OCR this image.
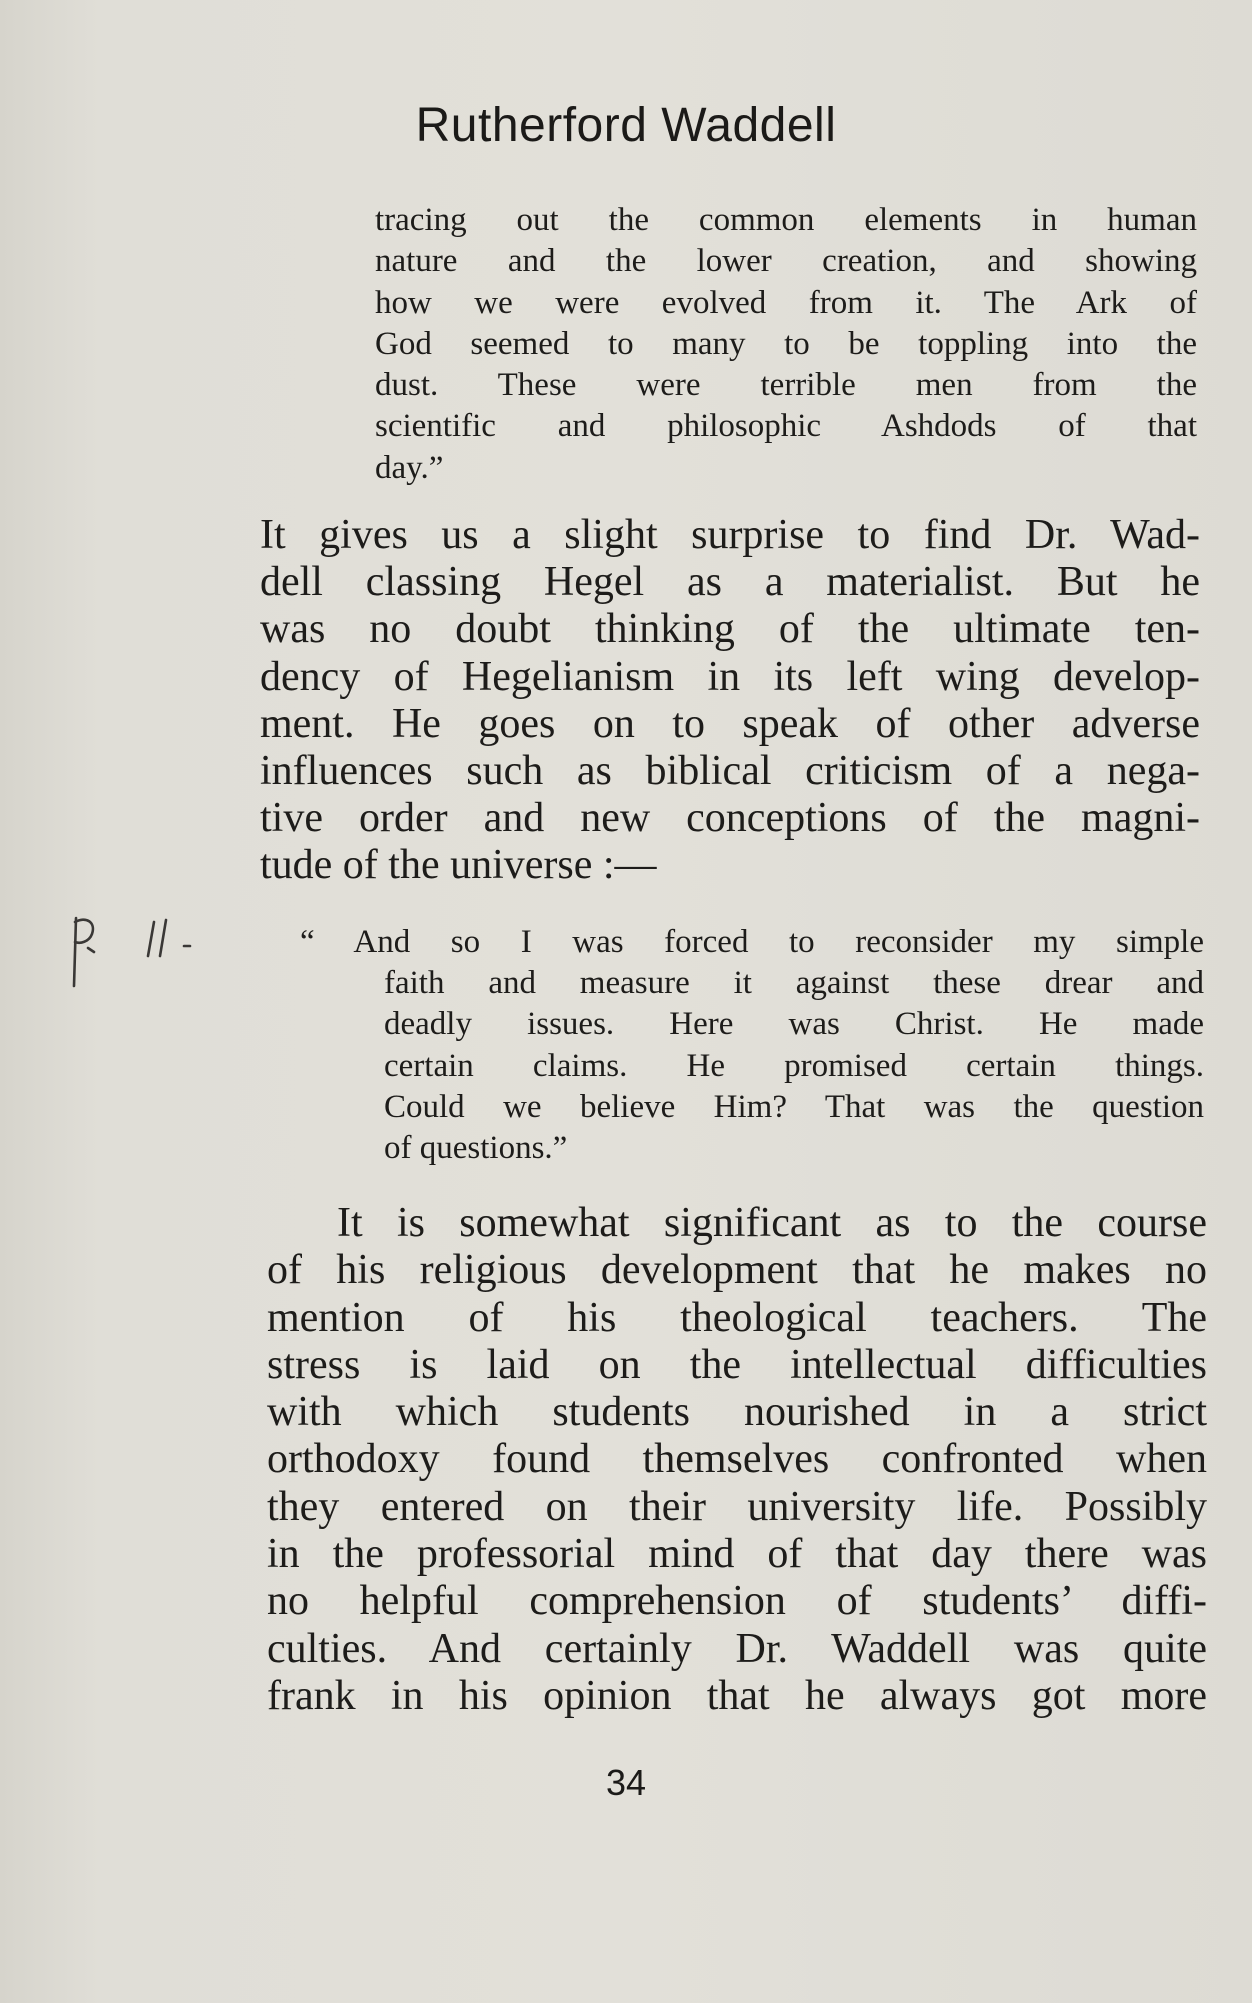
Rutherford Waddell
tracing out the common elements in human
nature and the lower creation, and showing
how we were evolved from it. The Ark of
God seemed to many to be toppling into the
dust. These were terrible men from the
scientific and philosophic Ashdods of that
day.”
It gives us a slight surprise to find Dr. Wad-
dell classing Hegel as a materialist. But he
was no doubt thinking of the ultimate ten-
dency of Hegelianism in its left wing develop-
ment. He goes on to speak of other adverse
influences such as biblical criticism of a nega-
tive order and new conceptions of the magni-
tude of the universe :—
“ And so I was forced to reconsider my simple
faith and measure it against these drear and
deadly issues. Here was Christ. He made
certain claims. He promised certain things.
Could we believe Him? That was the question
of questions.”
It is somewhat significant as to the course
of his religious development that he makes no
mention of his theological teachers. The
stress is laid on the intellectual difficulties
with which students nourished in a strict
orthodoxy found themselves confronted when
they entered on their university life. Possibly
in the professorial mind of that day there was
no helpful comprehension of students’ diffi-
culties. And certainly Dr. Waddell was quite
frank in his opinion that he always got more
34
